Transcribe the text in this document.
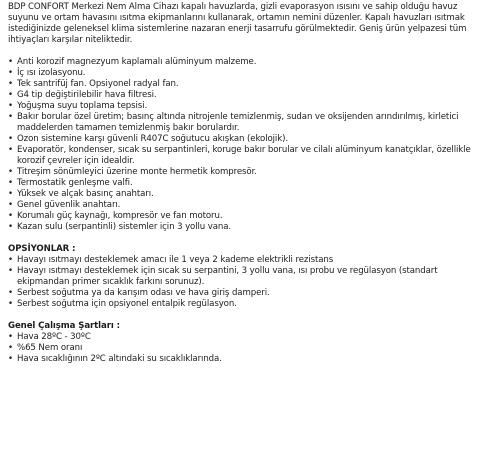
BDP CONFORT Merkezi Nem Alma Cihazı kapalı havuzlarda, gizli evaporasyon ısısını ve sahip olduğu havuz suyunu ve ortam havasını ısıtma ekipmanlarını kullanarak, ortamın nemini düzenler. Kapalı havuzları ısıtmak istediğinizde geleneksel klima sistemlerine nazaran enerji tasarrufu görülmektedir. Geniş ürün yelpazesi tüm ihtiyaçları karşılar niteliktedir.

• Anti korozif magnezyum kaplamalı alüminyum malzeme.
• İç ısı izolasyonu.
• Tek santrifüj fan. Opsiyonel radyal fan.
• G4 tip değiştirilebilir hava filtresi.
• Yoğuşma suyu toplama tepsisi.
• Bakır borular özel üretim; basınç altında nitrojenle temizlenmiş, sudan ve oksijenden arındırılmış, kirletici maddelerden tamamen temizlenmiş bakır borulardır.
• Ozon sistemine karşı güvenli R407C soğutucu akışkan (ekolojik).
• Evaporatör, kondenser, sıcak su serpantinleri, koruge bakır borular ve cilalı alüminyum kanatçıklar, özellikle korozif çevreler için idealdir.
• Titreşim sönümleyici üzerine monte hermetik kompresör.
• Termostatik genleşme valfi.
• Yüksek ve alçak basınç anahtarı.
• Genel güvenlik anahtarı.
• Korumalı güç kaynağı, kompresör ve fan motoru.
• Kazan sulu (serpantinli) sistemler için 3 yollu vana.

OPSİYONLAR :

• Havayı ısıtmayı desteklemek amacı ile 1 veya 2 kademe elektrikli rezistans
• Havayı ısıtmayı desteklemek için sıcak su serpantini, 3 yollu vana, ısı probu ve regülasyon (standart ekipmandan primer sıcaklık farkını sorunuz).
• Serbest soğutma ya da karışım odası ve hava giriş damperi.
• Serbest soğutma için opsiyonel entalpik regülasyon.

Genel Çalışma Şartları :

• Hava 28ºC - 30ºC
• %65 Nem oranı
• Hava sıcaklığının 2ºC altındaki su sıcaklıklarında.
